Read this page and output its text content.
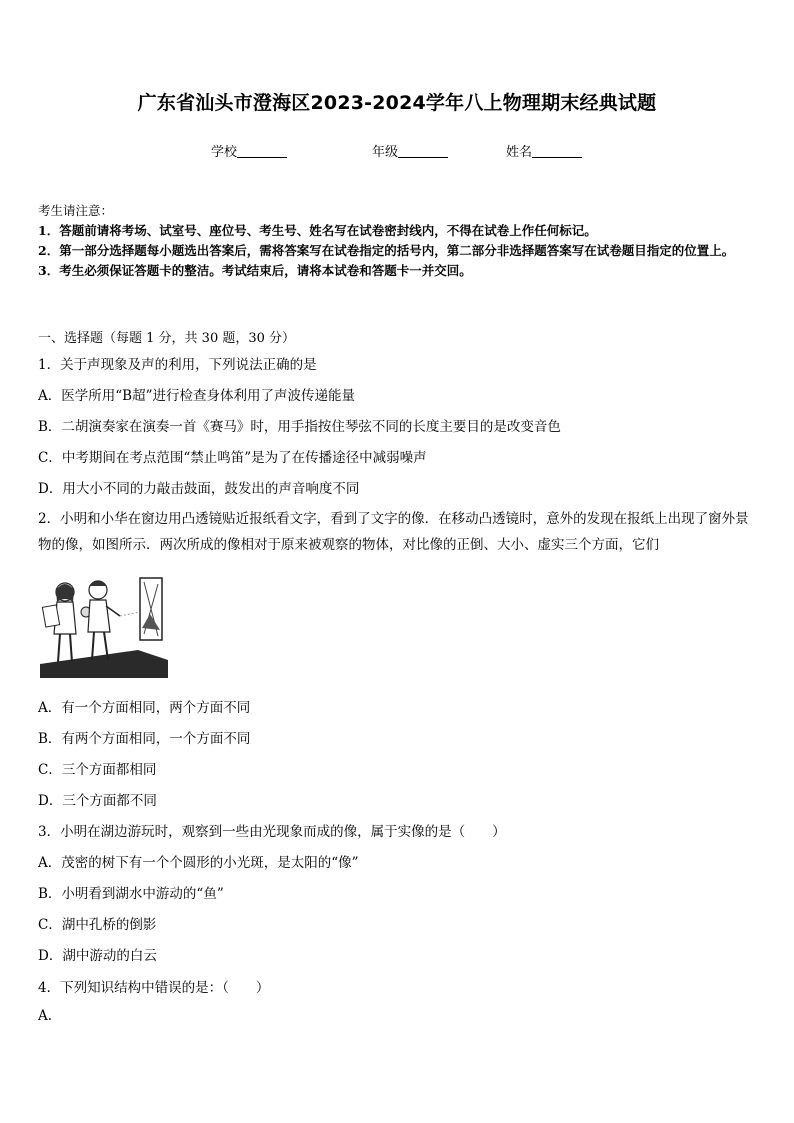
广东省汕头市澄海区2023-2024学年八上物理期末经典试题
学校	年级	姓名
考生请注意：
1．答题前请将考场、试室号、座位号、考生号、姓名写在试卷密封线内，不得在试卷上作任何标记。
2．第一部分选择题每小题选出答案后，需将答案写在试卷指定的括号内，第二部分非选择题答案写在试卷题目指定的位置上。
3．考生必须保证答题卡的整洁。考试结束后，请将本试卷和答题卡一并交回。
一、选择题（每题 1 分，共 30 题，30 分）
1．关于声现象及声的利用，下列说法正确的是
A．医学所用“B超”进行检查身体利用了声波传递能量
B．二胡演奏家在演奏一首《赛马》时，用手指按住琴弦不同的长度主要目的是改变音色
C．中考期间在考点范围“禁止鸣笛”是为了在传播途径中减弱噪声
D．用大小不同的力敲击鼓面，鼓发出的声音响度不同
2．小明和小华在窗边用凸透镜贴近报纸看文字，看到了文字的像．在移动凸透镜时，意外的发现在报纸上出现了窗外景物的像，如图所示．两次所成的像相对于原来被观察的物体，对比像的正倒、大小、虚实三个方面，它们
A．有一个方面相同，两个方面不同
B．有两个方面相同，一个方面不同
C．三个方面都相同
D．三个方面都不同
3．小明在湖边游玩时，观察到一些由光现象而成的像，属于实像的是（　　）
A．茂密的树下有一个个圆形的小光斑，是太阳的“像”
B．小明看到湖水中游动的“鱼”
C．湖中孔桥的倒影
D．湖中游动的白云
4．下列知识结构中错误的是：（　　）
A.
